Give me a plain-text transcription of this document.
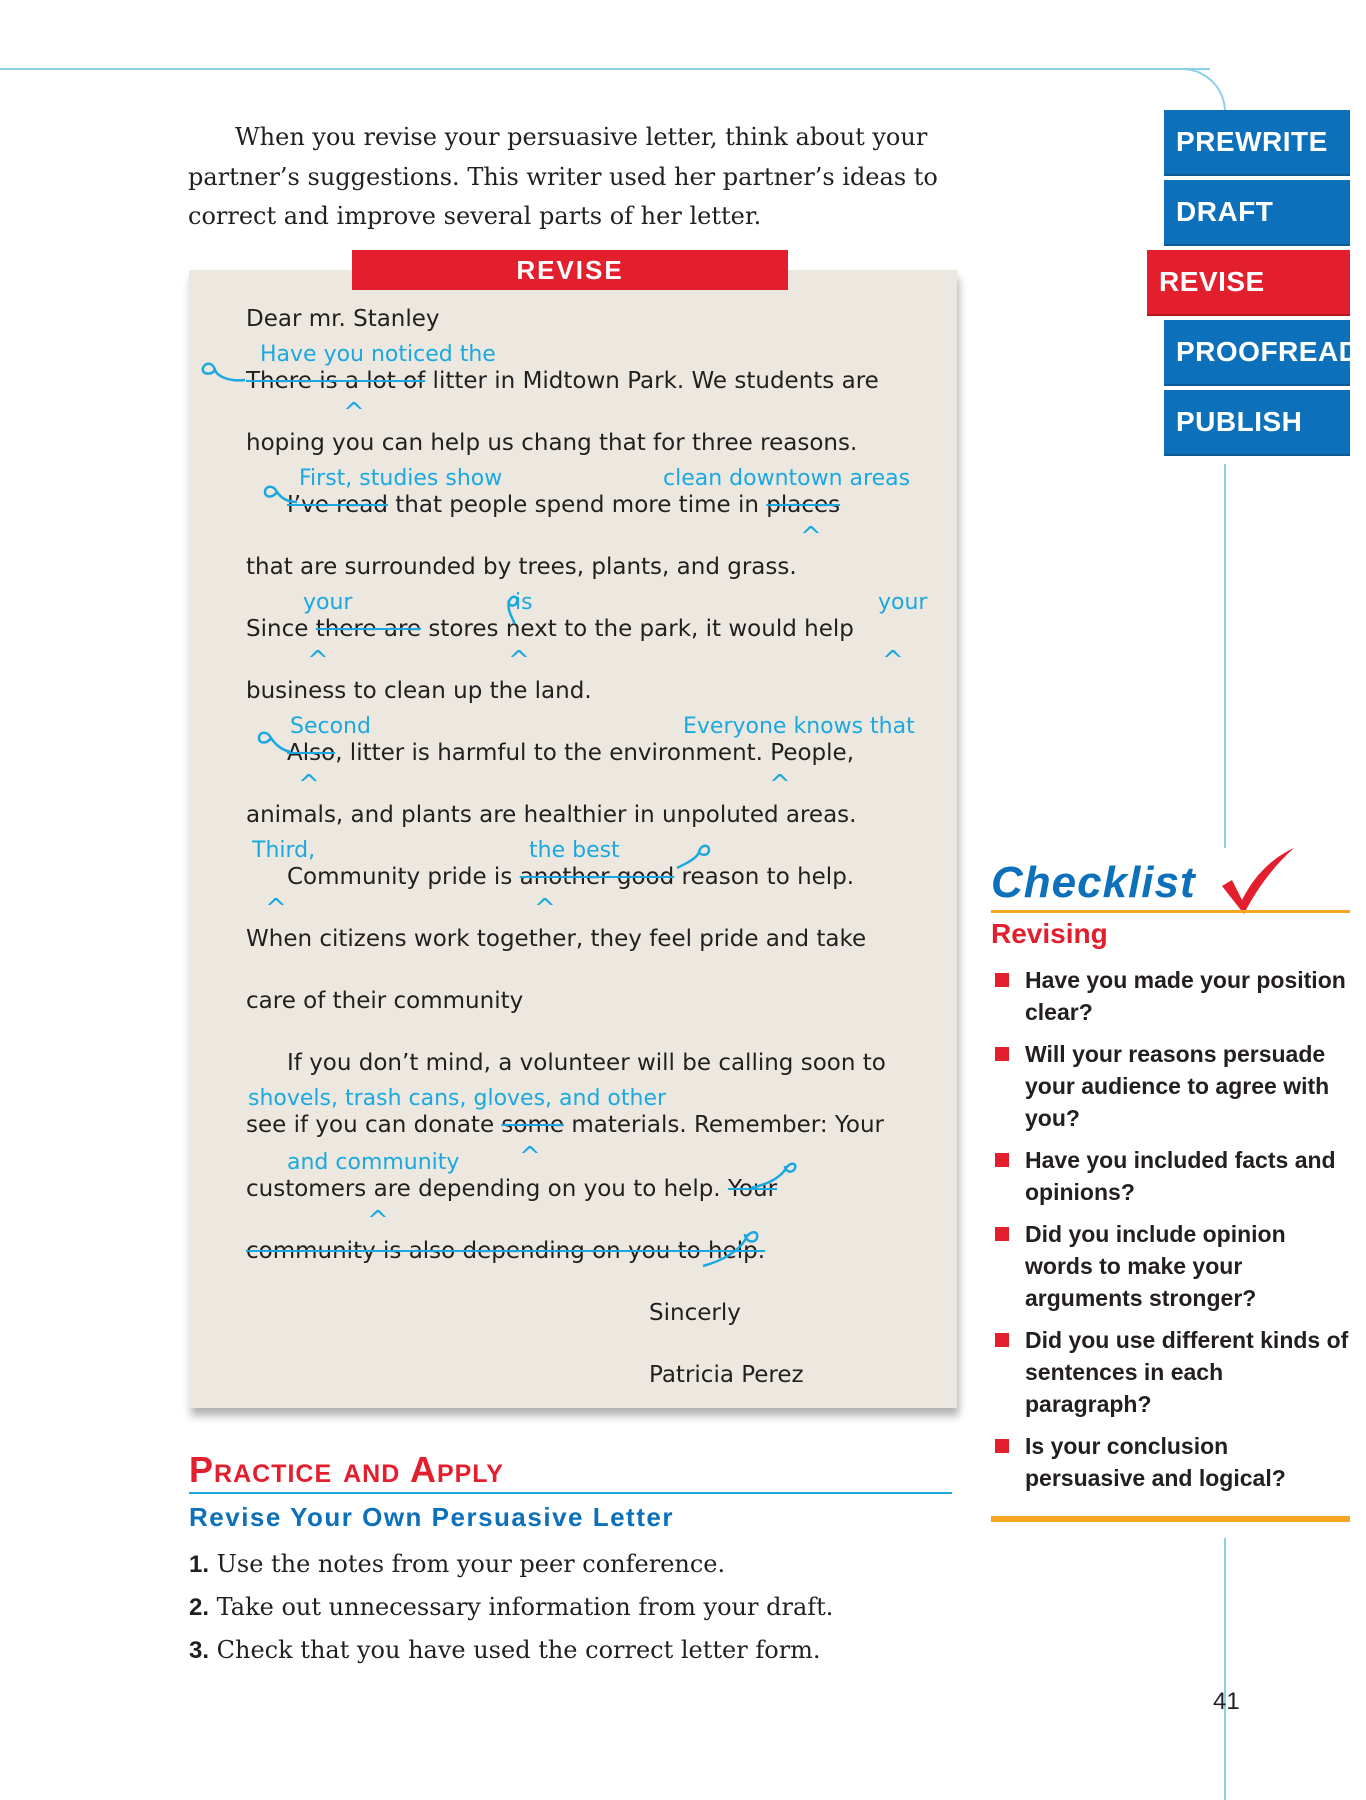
When you revise your persuasive letter, think about your partner’s suggestions. This writer used her partner’s ideas to correct and improve several parts of her letter.

PREWRITE
DRAFT
REVISE
PROOFREAD
PUBLISH
Dear mr. Stanley
Have you noticed the
There is a lot of litter in Midtown Park. We students are
^
hoping you can help us chang that for three reasons.
First, studies show	clean downtown areas
I’ve read that people spend more time in places
^
that are surrounded by trees, plants, and grass.
your	is	your
Since there are stores next to the park, it would help
^	^	^
business to clean up the land.
Second	Everyone knows that
Also, litter is harmful to the environment. People,
^	^
animals, and plants are healthier in unpoluted areas.
Third,	the best
Community pride is another good reason to help.
^	^
When citizens work together, they feel pride and take
care of their community
If you don’t mind, a volunteer will be calling soon to
shovels, trash cans, gloves, and other
see if you can donate some materials. Remember: Your
^
and community
customers are depending on you to help. Your
^
community is also depending on you to help.
Sincerly
Patricia Perez
REVISE
Practice and Apply
Revise Your Own Persuasive Letter
1. Use the notes from your peer conference.
2. Take out unnecessary information from your draft.
3. Check that you have used the correct letter form.
Checklist
Revising
Have you made your position clear?
Will your reasons persuade your audience to agree with you?
Have you included facts and opinions?
Did you include opinion words to make your arguments stronger?
Did you use different kinds of sentences in each paragraph?
Is your conclusion persuasive and logical?
41
